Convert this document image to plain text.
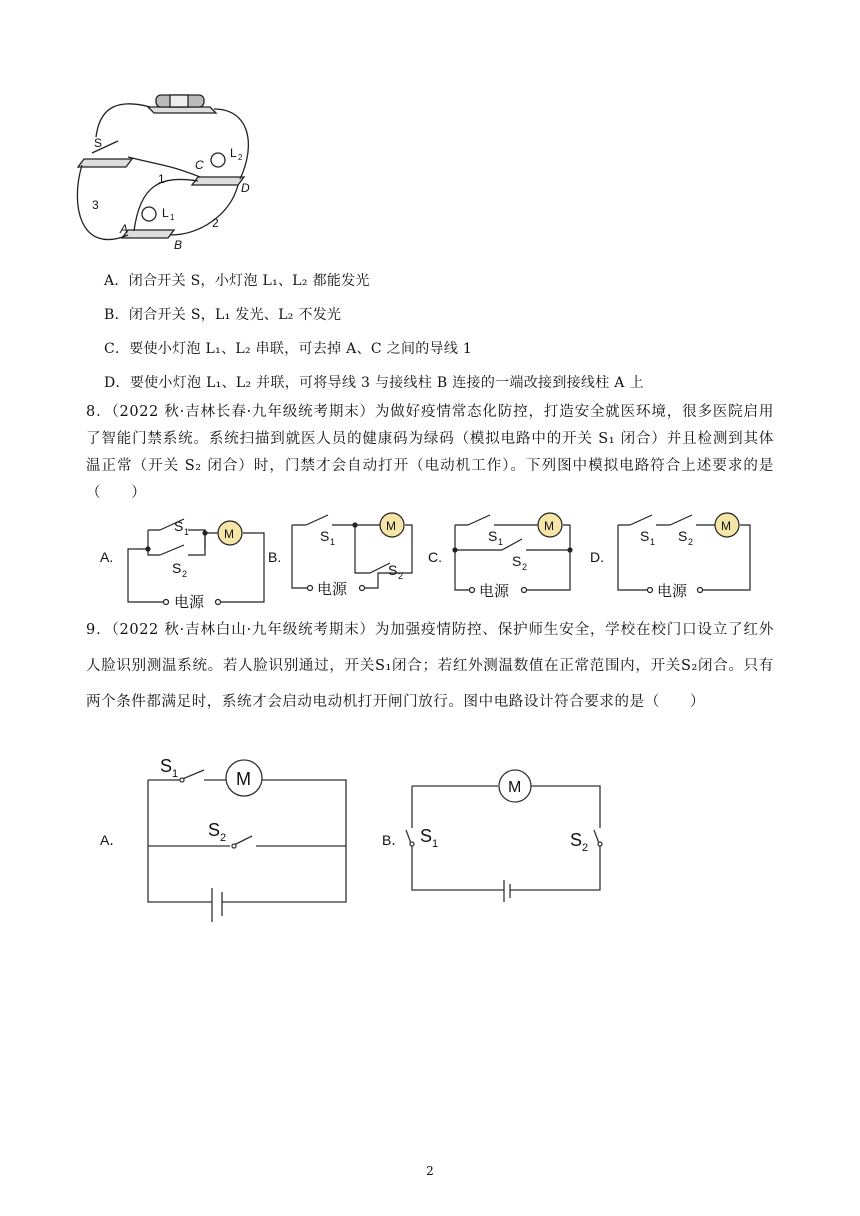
S
L 2
L 1
C
D
A
B
1
2
3
A．闭合开关 S，小灯泡 L₁、L₂ 都能发光
B．闭合开关 S，L₁ 发光、L₂ 不发光
C．要使小灯泡 L₁、L₂ 串联，可去掉 A、C 之间的导线 1
D．要使小灯泡 L₁、L₂ 并联，可将导线 3 与接线柱 B 连接的一端改接到接线柱 A 上
8．（2022 秋·吉林长春·九年级统考期末）为做好疫情常态化防控，打造安全就医环境，很多医院启用了智能门禁系统。系统扫描到就医人员的健康码为绿码（模拟电路中的开关 S₁ 闭合）并且检测到其体温正常（开关 S₂ 闭合）时，门禁才会自动打开（电动机工作）。下列图中模拟电路符合上述要求的是（　　）
A.	B.	C.	D.
M
M	M	M
S 1
S 2
S 1
S 2
S 1
S 2
S 1 S 2
电源
电源	电源	电源
9．（2022 秋·吉林白山·九年级统考期末）为加强疫情防控、保护师生安全，学校在校门口设立了红外人脸识别测温系统。若人脸识别通过，开关S₁闭合；若红外测温数值在正常范围内，开关S₂闭合。只有两个条件都满足时，系统才会启动电动机打开闸门放行。图中电路设计符合要求的是（　　）
A．	B．
M	M
S 1
S 2	S 1	S 2
2
